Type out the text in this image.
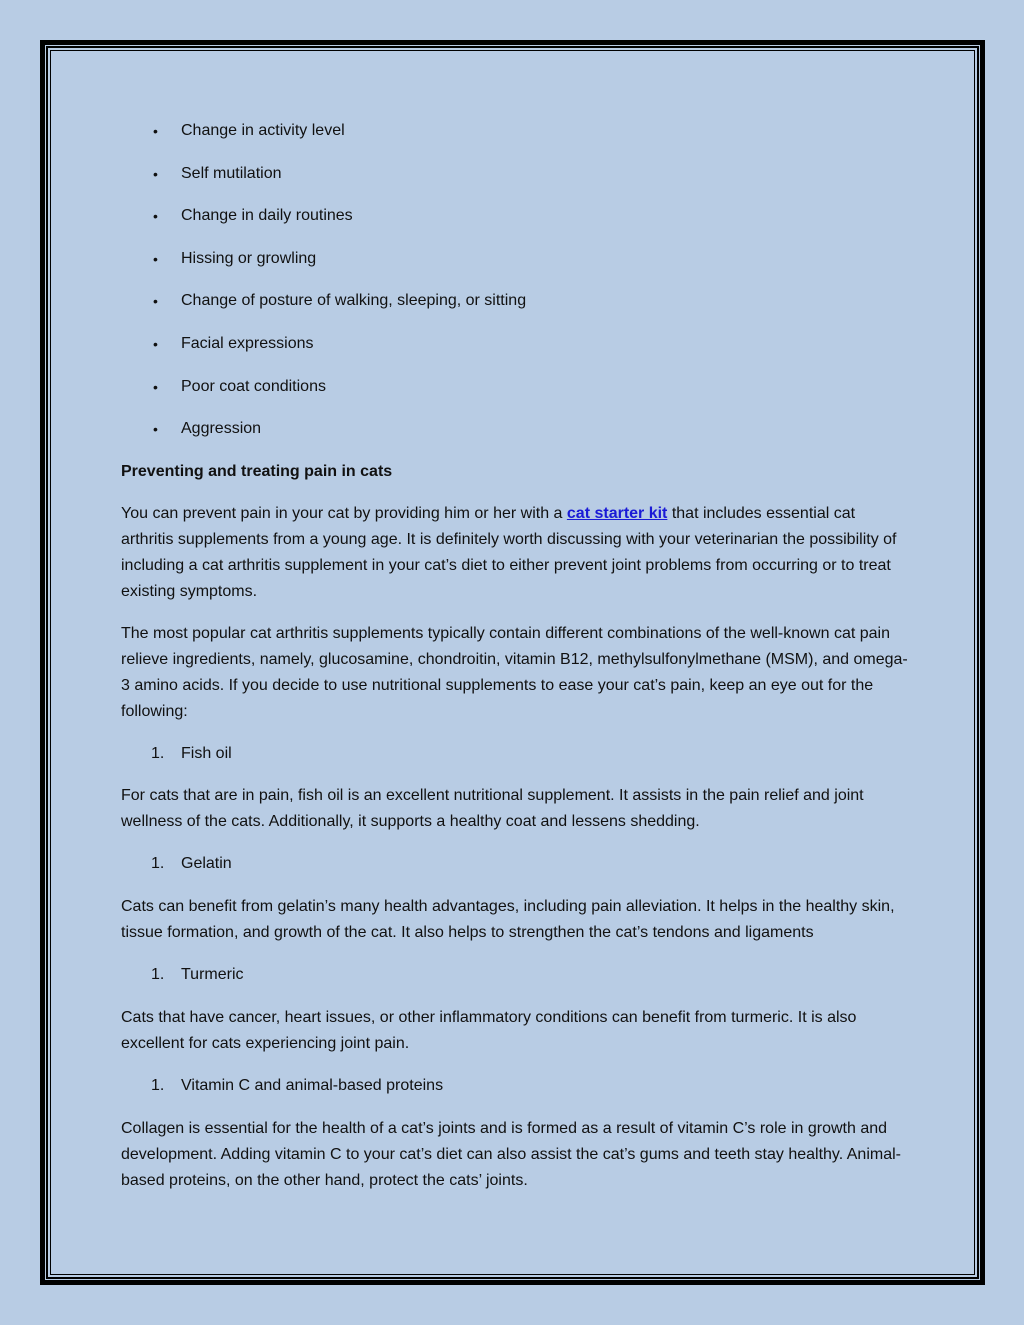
• Change in activity level
• Self mutilation
• Change in daily routines
• Hissing or growling
• Change of posture of walking, sleeping, or sitting
• Facial expressions
• Poor coat conditions
• Aggression
Preventing and treating pain in cats

You can prevent pain in your cat by providing him or her with a cat starter kit that includes essential cat arthritis supplements from a young age. It is definitely worth discussing with your veterinarian the possibility of including a cat arthritis supplement in your cat’s diet to either prevent joint problems from occurring or to treat existing symptoms.

The most popular cat arthritis supplements typically contain different combinations of the well-known cat pain relieve ingredients, namely, glucosamine, chondroitin, vitamin B12, methylsulfonylmethane (MSM), and omega-3 amino acids. If you decide to use nutritional supplements to ease your cat’s pain, keep an eye out for the following:

1. Fish oil

For cats that are in pain, fish oil is an excellent nutritional supplement. It assists in the pain relief and joint wellness of the cats. Additionally, it supports a healthy coat and lessens shedding.

1. Gelatin

Cats can benefit from gelatin’s many health advantages, including pain alleviation. It helps in the healthy skin, tissue formation, and growth of the cat. It also helps to strengthen the cat’s tendons and ligaments

1. Turmeric

Cats that have cancer, heart issues, or other inflammatory conditions can benefit from turmeric. It is also excellent for cats experiencing joint pain.

1. Vitamin C and animal-based proteins

Collagen is essential for the health of a cat’s joints and is formed as a result of vitamin C’s role in growth and development. Adding vitamin C to your cat’s diet can also assist the cat’s gums and teeth stay healthy. Animal-based proteins, on the other hand, protect the cats’ joints.
